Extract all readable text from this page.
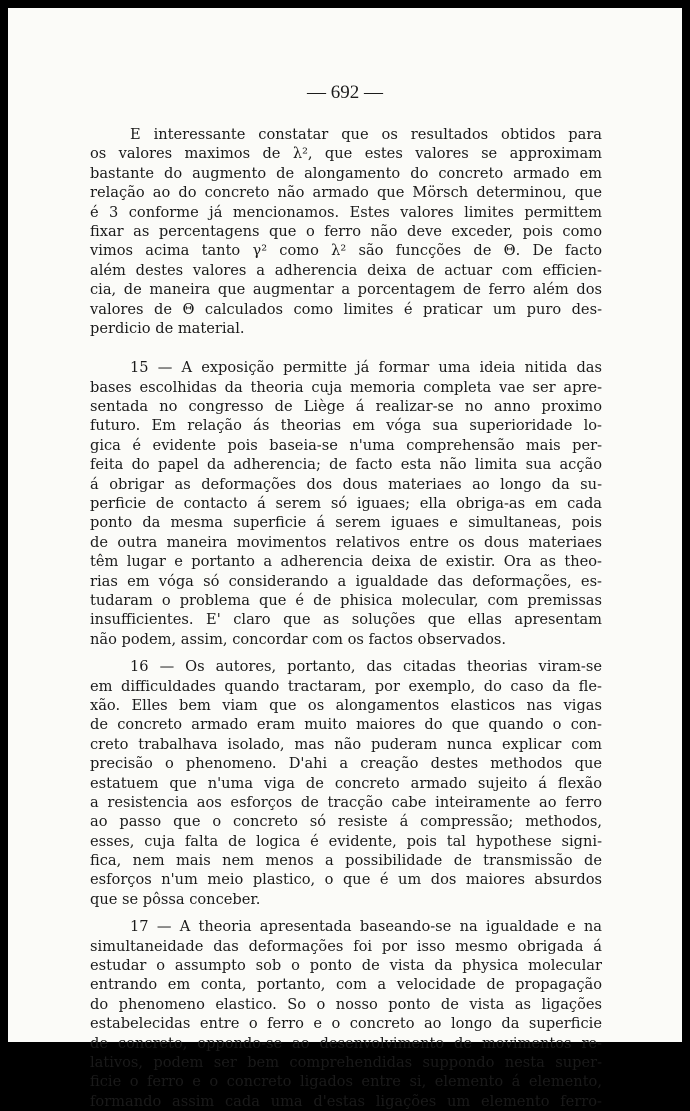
— 692 —
E interessante constatar que os resultados obtidos para
os valores maximos de λ², que estes valores se approximam
bastante do augmento de alongamento do concreto armado em
relação ao do concreto não armado que Mörsch determinou, que
é 3 conforme já mencionamos. Estes valores limites permittem
fixar as percentagens que o ferro não deve exceder, pois como
vimos acima tanto γ² como λ² são funcções de Θ. De facto
além destes valores a adherencia deixa de actuar com efficien-
cia, de maneira que augmentar a porcentagem de ferro além dos
valores de Θ calculados como limites é praticar um puro des-
perdicio de material.
15 — A exposição permitte já formar uma ideia nitida das
bases escolhidas da theoria cuja memoria completa vae ser apre-
sentada no congresso de Liège á realizar-se no anno proximo
futuro. Em relação ás theorias em vóga sua superioridade lo-
gica é evidente pois baseia-se n'uma comprehensão mais per-
feita do papel da adherencia; de facto esta não limita sua acção
á obrigar as deformações dos dous materiaes ao longo da su-
perficie de contacto á serem só iguaes; ella obriga-as em cada
ponto da mesma superficie á serem iguaes e simultaneas, pois
de outra maneira movimentos relativos entre os dous materiaes
têm lugar e portanto a adherencia deixa de existir. Ora as theo-
rias em vóga só considerando a igualdade das deformações, es-
tudaram o problema que é de phisica molecular, com premissas
insufficientes. E' claro que as soluções que ellas apresentam
não podem, assim, concordar com os factos observados.
16 — Os autores, portanto, das citadas theorias viram-se
em difficuldades quando tractaram, por exemplo, do caso da fle-
xão. Elles bem viam que os alongamentos elasticos nas vigas
de concreto armado eram muito maiores do que quando o con-
creto trabalhava isolado, mas não puderam nunca explicar com
precisão o phenomeno. D'ahi a creação destes methodos que
estatuem que n'uma viga de concreto armado sujeito á flexão
a resistencia aos esforços de tracção cabe inteiramente ao ferro
ao passo que o concreto só resiste á compressão; methodos,
esses, cuja falta de logica é evidente, pois tal hypothese signi-
fica, nem mais nem menos a possibilidade de transmissão de
esforços n'um meio plastico, o que é um dos maiores absurdos
que se pôssa conceber.
17 — A theoria apresentada baseando-se na igualdade e na
simultaneidade das deformações foi por isso mesmo obrigada á
estudar o assumpto sob o ponto de vista da physica molecular
entrando em conta, portanto, com a velocidade de propagação
do phenomeno elastico. So o nosso ponto de vista as ligações
estabelecidas entre o ferro e o concreto ao longo da superficie
de concreto, oppondo-se ao desenvolvimento de movimentos re-
lativos, podem ser bem comprehendidas suppondo nesta super-
ficie o ferro e o concreto ligados entre si, elemento á elemento,
formando assim cada uma d'estas ligações um elemento ferro-
